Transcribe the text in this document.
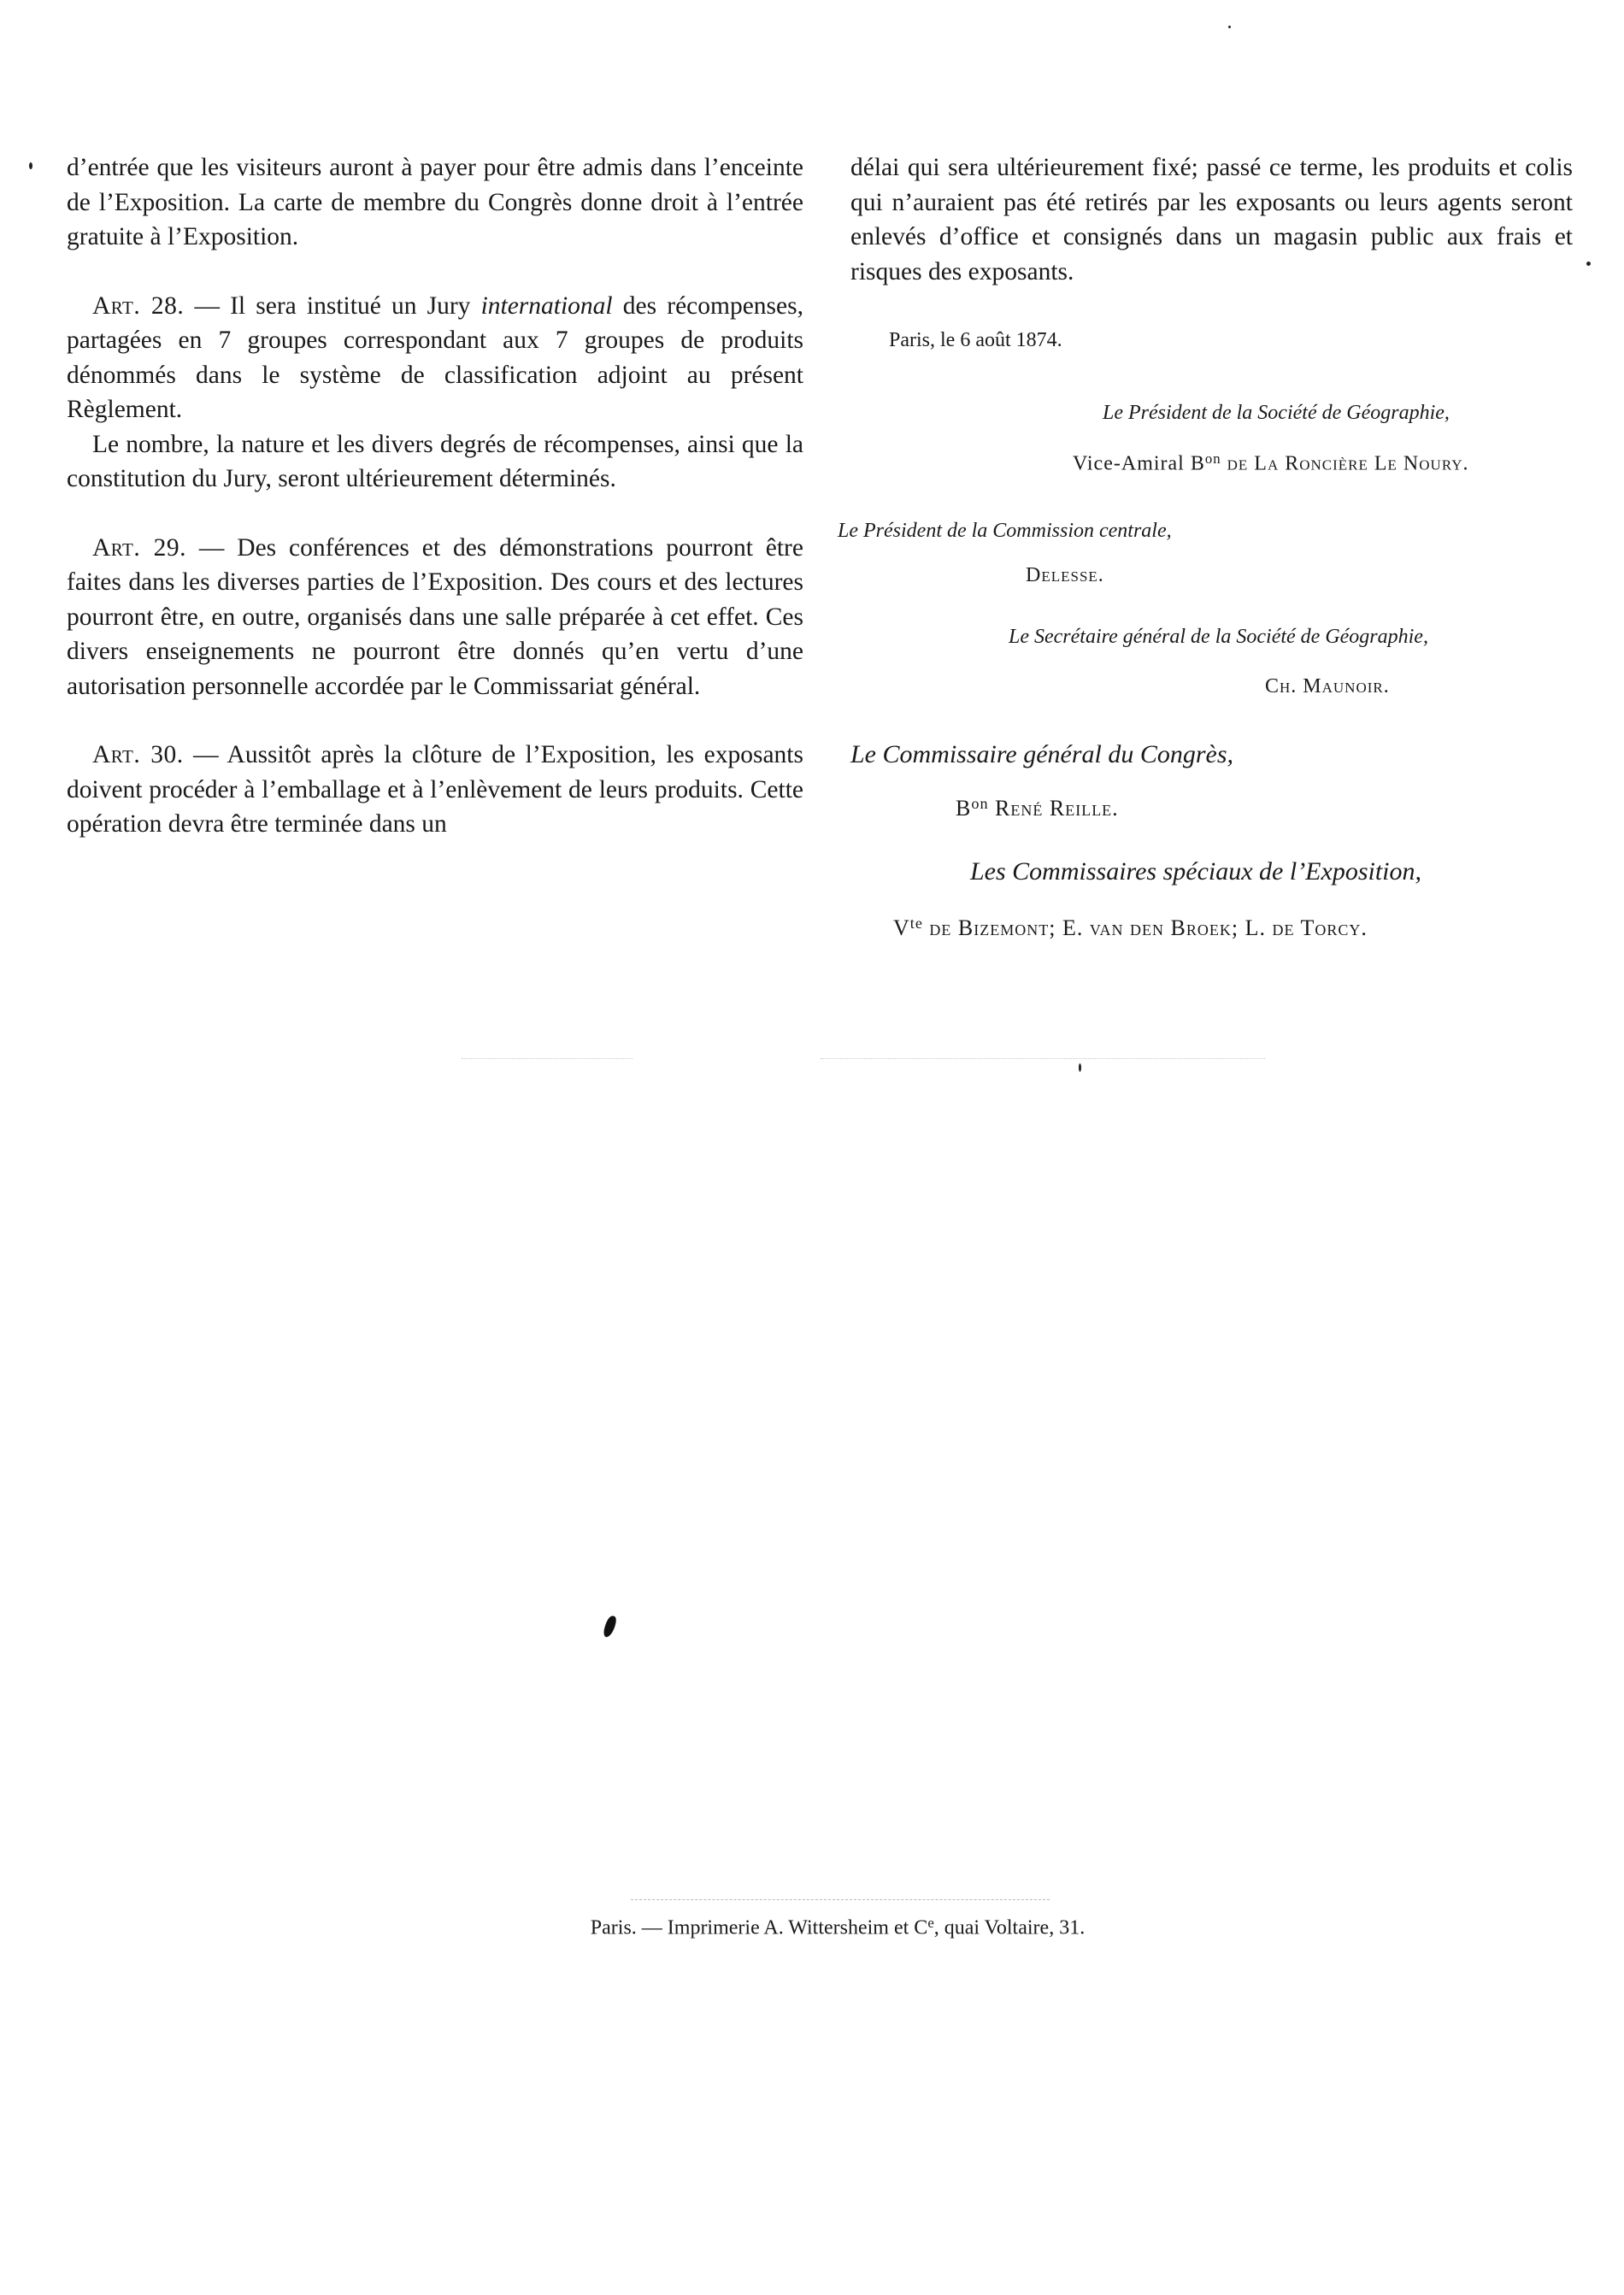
d’entrée que les visiteurs auront à payer pour être admis dans l’enceinte de l’Exposition. La carte de membre du Congrès donne droit à l’entrée gratuite à l’Exposition.

Art. 28. — Il sera institué un Jury international des récompenses, partagées en 7 groupes correspondant aux 7 groupes de produits dénommés dans le système de classification adjoint au présent Règlement.

Le nombre, la nature et les divers degrés de récompenses, ainsi que la constitution du Jury, seront ultérieurement déterminés.

Art. 29. — Des conférences et des démonstrations pourront être faites dans les diverses parties de l’Exposition. Des cours et des lectures pourront être, en outre, organisés dans une salle préparée à cet effet. Ces divers enseignements ne pourront être donnés qu’en vertu d’une autorisation personnelle accordée par le Commissariat général.

Art. 30. — Aussitôt après la clôture de l’Exposition, les exposants doivent procéder à l’emballage et à l’enlèvement de leurs produits. Cette opération devra être terminée dans un

délai qui sera ultérieurement fixé; passé ce terme, les produits et colis qui n’auraient pas été retirés par les exposants ou leurs agents seront enlevés d’office et consignés dans un magasin public aux frais et risques des exposants.

Paris, le 6 août 1874.
Le Président de la Société de Géographie,
Vice-Amiral $B^{on}$ de La Roncière Le Noury.
Le Président de la Commission centrale,
Delesse.
Le Secrétaire général de la Société de Géographie,
Ch. Maunoir.
Le Commissaire général du Congrès,
$B^{on}$ René Reille.
Les Commissaires spéciaux de l’Exposition,
$V^{te}$ de Bizemont; E. van den Broek; L. de Torcy.
Paris. — Imprimerie A. Wittersheim et Ce, quai Voltaire, 31.
